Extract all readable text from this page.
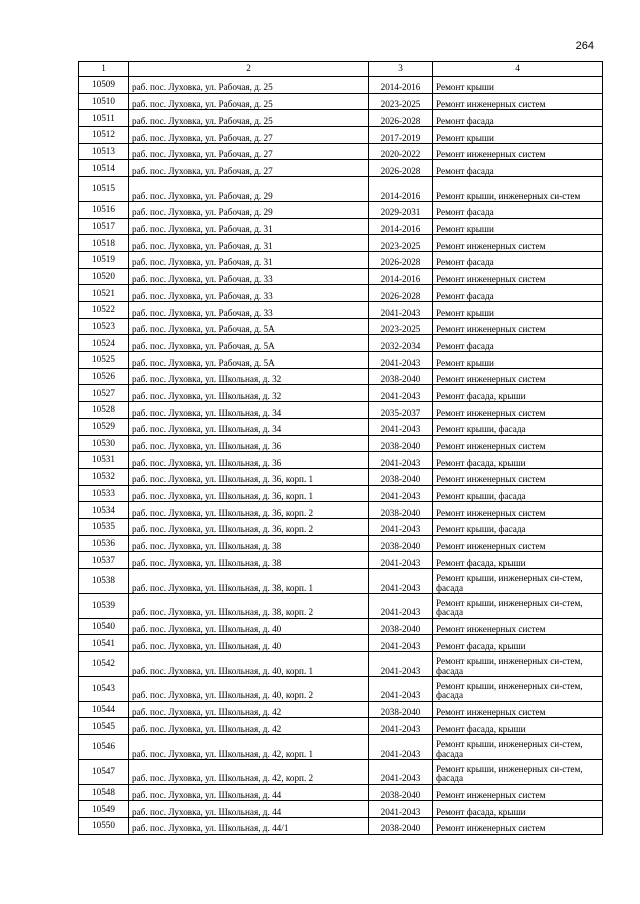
264
1	2	3	4
10509	раб. пос. Луховка, ул. Рабочая, д. 25	2014-2016	Ремонт крыши
10510	раб. пос. Луховка, ул. Рабочая, д. 25	2023-2025	Ремонт инженерных систем
10511	раб. пос. Луховка, ул. Рабочая, д. 25	2026-2028	Ремонт фасада
10512	раб. пос. Луховка, ул. Рабочая, д. 27	2017-2019	Ремонт крыши
10513	раб. пос. Луховка, ул. Рабочая, д. 27	2020-2022	Ремонт инженерных систем
10514	раб. пос. Луховка, ул. Рабочая, д. 27	2026-2028	Ремонт фасада
10515	раб. пос. Луховка, ул. Рабочая, д. 29	2014-2016	Ремонт крыши, инженерных си-стем
10516	раб. пос. Луховка, ул. Рабочая, д. 29	2029-2031	Ремонт фасада
10517	раб. пос. Луховка, ул. Рабочая, д. 31	2014-2016	Ремонт крыши
10518	раб. пос. Луховка, ул. Рабочая, д. 31	2023-2025	Ремонт инженерных систем
10519	раб. пос. Луховка, ул. Рабочая, д. 31	2026-2028	Ремонт фасада
10520	раб. пос. Луховка, ул. Рабочая, д. 33	2014-2016	Ремонт инженерных систем
10521	раб. пос. Луховка, ул. Рабочая, д. 33	2026-2028	Ремонт фасада
10522	раб. пос. Луховка, ул. Рабочая, д. 33	2041-2043	Ремонт крыши
10523	раб. пос. Луховка, ул. Рабочая, д. 5А	2023-2025	Ремонт инженерных систем
10524	раб. пос. Луховка, ул. Рабочая, д. 5А	2032-2034	Ремонт фасада
10525	раб. пос. Луховка, ул. Рабочая, д. 5А	2041-2043	Ремонт крыши
10526	раб. пос. Луховка, ул. Школьная, д. 32	2038-2040	Ремонт инженерных систем
10527	раб. пос. Луховка, ул. Школьная, д. 32	2041-2043	Ремонт фасада, крыши
10528	раб. пос. Луховка, ул. Школьная, д. 34	2035-2037	Ремонт инженерных систем
10529	раб. пос. Луховка, ул. Школьная, д. 34	2041-2043	Ремонт крыши, фасада
10530	раб. пос. Луховка, ул. Школьная, д. 36	2038-2040	Ремонт инженерных систем
10531	раб. пос. Луховка, ул. Школьная, д. 36	2041-2043	Ремонт фасада, крыши
10532	раб. пос. Луховка, ул. Школьная, д. 36, корп. 1	2038-2040	Ремонт инженерных систем
10533	раб. пос. Луховка, ул. Школьная, д. 36, корп. 1	2041-2043	Ремонт крыши, фасада
10534	раб. пос. Луховка, ул. Школьная, д. 36, корп. 2	2038-2040	Ремонт инженерных систем
10535	раб. пос. Луховка, ул. Школьная, д. 36, корп. 2	2041-2043	Ремонт крыши, фасада
10536	раб. пос. Луховка, ул. Школьная, д. 38	2038-2040	Ремонт инженерных систем
10537	раб. пос. Луховка, ул. Школьная, д. 38	2041-2043	Ремонт фасада, крыши
10538	раб. пос. Луховка, ул. Школьная, д. 38, корп. 1	2041-2043	Ремонт крыши, инженерных си-стем, фасада
10539	раб. пос. Луховка, ул. Школьная, д. 38, корп. 2	2041-2043	Ремонт крыши, инженерных си-стем, фасада
10540	раб. пос. Луховка, ул. Школьная, д. 40	2038-2040	Ремонт инженерных систем
10541	раб. пос. Луховка, ул. Школьная, д. 40	2041-2043	Ремонт фасада, крыши
10542	раб. пос. Луховка, ул. Школьная, д. 40, корп. 1	2041-2043	Ремонт крыши, инженерных си-стем, фасада
10543	раб. пос. Луховка, ул. Школьная, д. 40, корп. 2	2041-2043	Ремонт крыши, инженерных си-стем, фасада
10544	раб. пос. Луховка, ул. Школьная, д. 42	2038-2040	Ремонт инженерных систем
10545	раб. пос. Луховка, ул. Школьная, д. 42	2041-2043	Ремонт фасада, крыши
10546	раб. пос. Луховка, ул. Школьная, д. 42, корп. 1	2041-2043	Ремонт крыши, инженерных си-стем, фасада
10547	раб. пос. Луховка, ул. Школьная, д. 42, корп. 2	2041-2043	Ремонт крыши, инженерных си-стем, фасада
10548	раб. пос. Луховка, ул. Школьная, д. 44	2038-2040	Ремонт инженерных систем
10549	раб. пос. Луховка, ул. Школьная, д. 44	2041-2043	Ремонт фасада, крыши
10550	раб. пос. Луховка, ул. Школьная, д. 44/1	2038-2040	Ремонт инженерных систем
